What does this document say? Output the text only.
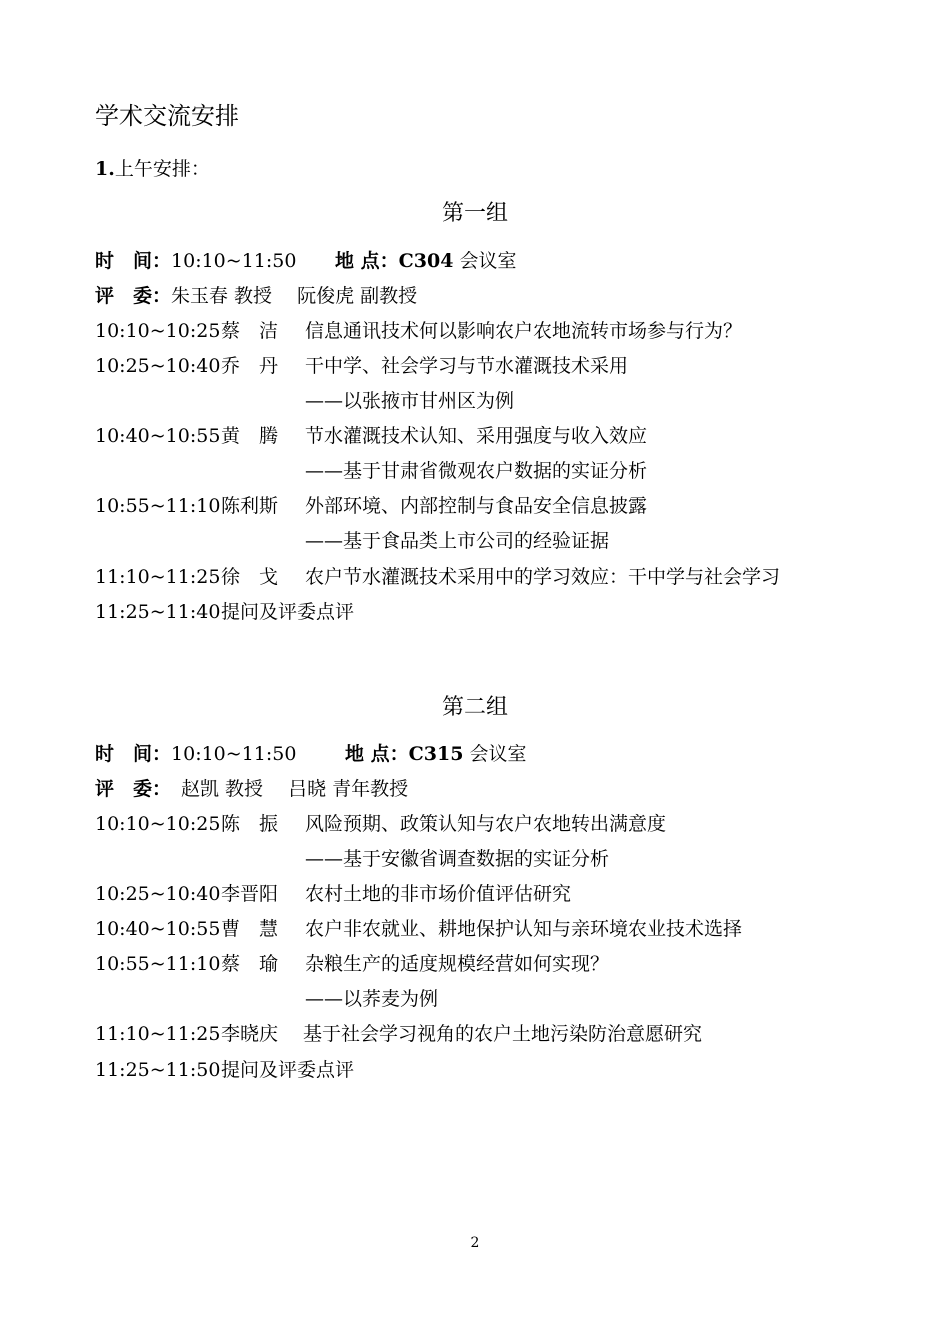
学术交流安排
1.上午安排：
第一组
时　间：10:10~11:50 地 点：C304 会议室
评　委：朱玉春 教授　 阮俊虎 副教授
10:10~10:25 蔡　洁 信息通讯技术何以影响农户农地流转市场参与行为？
10:25~10:40 乔　丹 干中学、社会学习与节水灌溉技术采用
——以张掖市甘州区为例
10:40~10:55 黄　腾 节水灌溉技术认知、采用强度与收入效应
——基于甘肃省微观农户数据的实证分析
10:55~11:10 陈利斯 外部环境、内部控制与食品安全信息披露
——基于食品类上市公司的经验证据
11:10~11:25 徐　戈 农户节水灌溉技术采用中的学习效应：干中学与社会学习
11:25~11:40 提问及评委点评
第二组
时　间：10:10~11:50	地 点：C315 会议室
评　委： 赵凯 教授　 吕晓 青年教授
10:10~10:25 陈　振 风险预期、政策认知与农户农地转出满意度
——基于安徽省调查数据的实证分析
10:25~10:40 李晋阳 农村土地的非市场价值评估研究
10:40~10:55 曹　慧 农户非农就业、耕地保护认知与亲环境农业技术选择
10:55~11:10 蔡　瑜 杂粮生产的适度规模经营如何实现？
——以荞麦为例
11:10~11:25 李晓庆 基于社会学习视角的农户土地污染防治意愿研究
11:25~11:50 提问及评委点评
2
